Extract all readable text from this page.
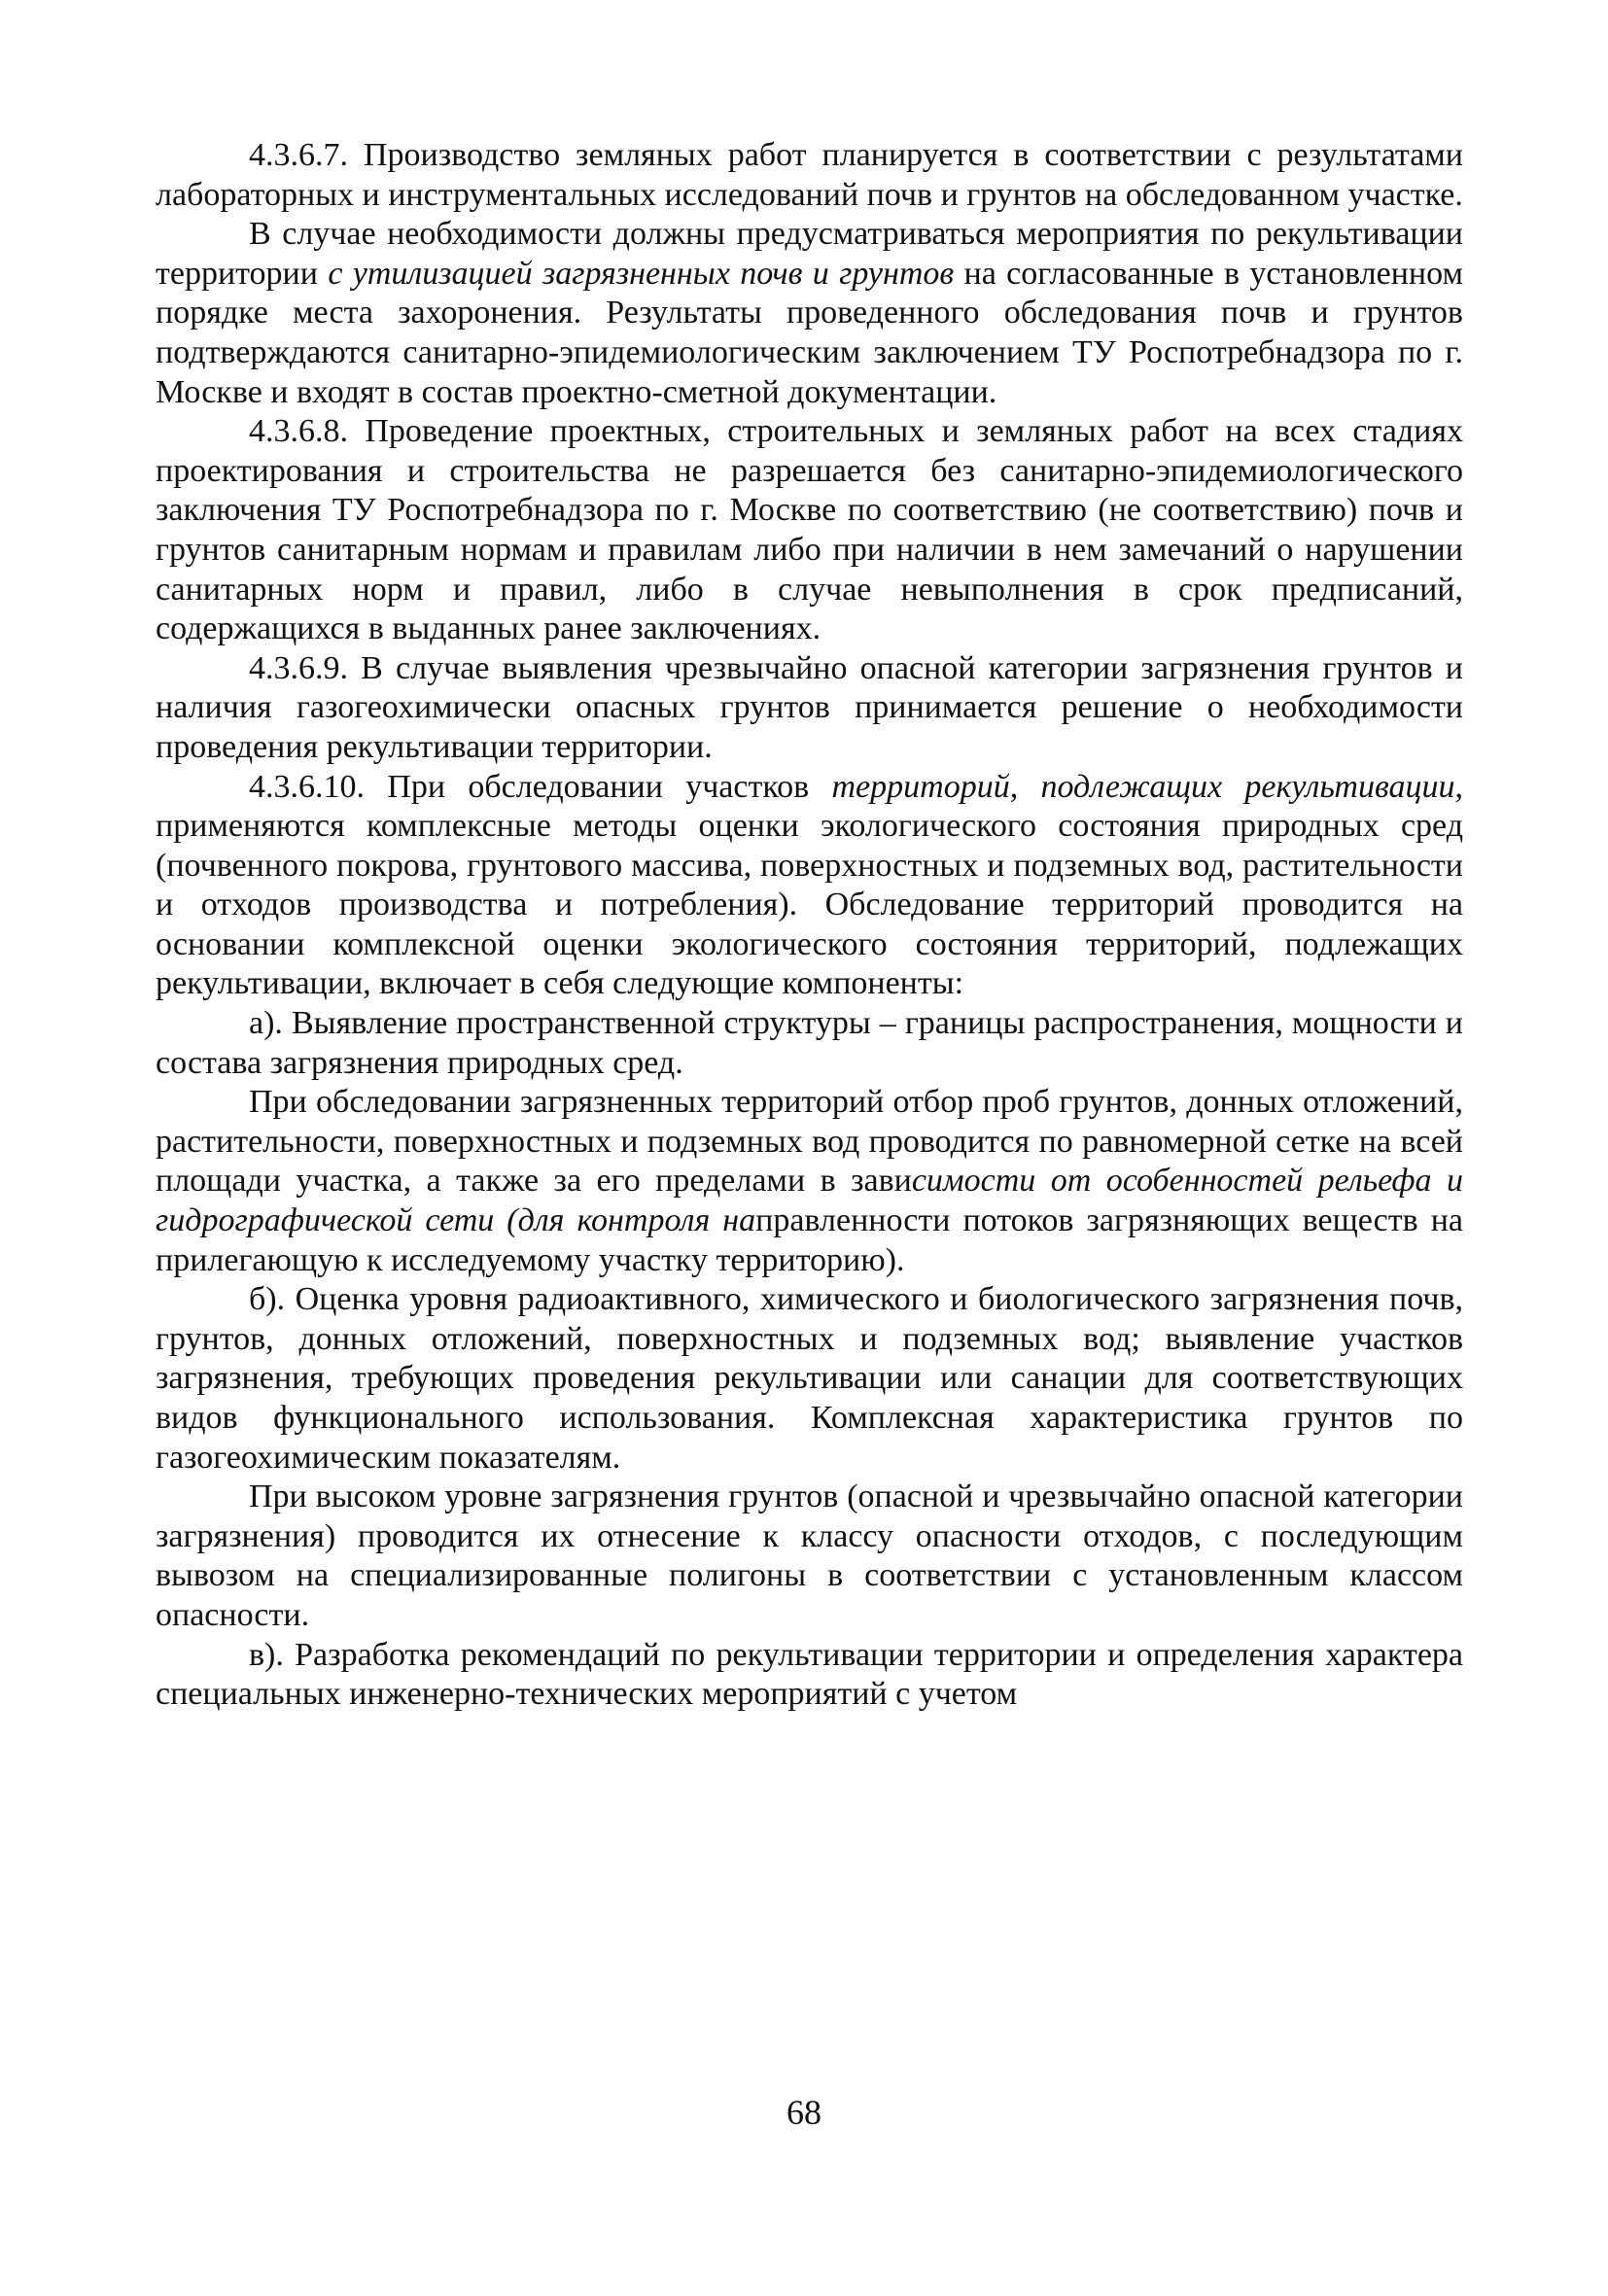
4.3.6.7. Производство земляных работ планируется в соответствии с результатами лабораторных и инструментальных исследований почв и грунтов на обследованном участке.

В случае необходимости должны предусматриваться мероприятия по рекультивации территории с утилизацией загрязненных почв и грунтов на согласованные в установленном порядке места захоронения. Результаты проведенного обследования почв и грунтов подтверждаются санитарно-эпидемиологическим заключением ТУ Роспотребнадзора по г. Москве и входят в состав проектно-сметной документации.

4.3.6.8. Проведение проектных, строительных и земляных работ на всех стадиях проектирования и строительства не разрешается без санитарно-эпидемиологического заключения ТУ Роспотребнадзора по г. Москве по соответствию (не соответствию) почв и грунтов санитарным нормам и правилам либо при наличии в нем замечаний о нарушении санитарных норм и правил, либо в случае невыполнения в срок предписаний, содержащихся в выданных ранее заключениях.

4.3.6.9. В случае выявления чрезвычайно опасной категории загрязнения грунтов и наличия газогеохимически опасных грунтов принимается решение о необходимости проведения рекультивации территории.

4.3.6.10. При обследовании участков территорий, подлежащих рекультивации, применяются комплексные методы оценки экологического состояния природных сред (почвенного покрова, грунтового массива, поверхностных и подземных вод, растительности и отходов производства и потребления). Обследование территорий проводится на основании комплексной оценки экологического состояния территорий, подлежащих рекультивации, включает в себя следующие компоненты:

а). Выявление пространственной структуры – границы распространения, мощности и состава загрязнения природных сред.

При обследовании загрязненных территорий отбор проб грунтов, донных отложений, растительности, поверхностных и подземных вод проводится по равномерной сетке на всей площади участка, а также за его пределами в зависимости от особенностей рельефа и гидрографической сети (для контроля направленности потоков загрязняющих веществ на прилегающую к исследуемому участку территорию).

б). Оценка уровня радиоактивного, химического и биологического загрязнения почв, грунтов, донных отложений, поверхностных и подземных вод; выявление участков загрязнения, требующих проведения рекультивации или санации для соответствующих видов функционального использования. Комплексная характеристика грунтов по газогеохимическим показателям.

При высоком уровне загрязнения грунтов (опасной и чрезвычайно опасной категории загрязнения) проводится их отнесение к классу опасности отходов, с последующим вывозом на специализированные полигоны в соответствии с установленным классом опасности.

в). Разработка рекомендаций по рекультивации территории и определения характера специальных инженерно-технических мероприятий с учетом

68
